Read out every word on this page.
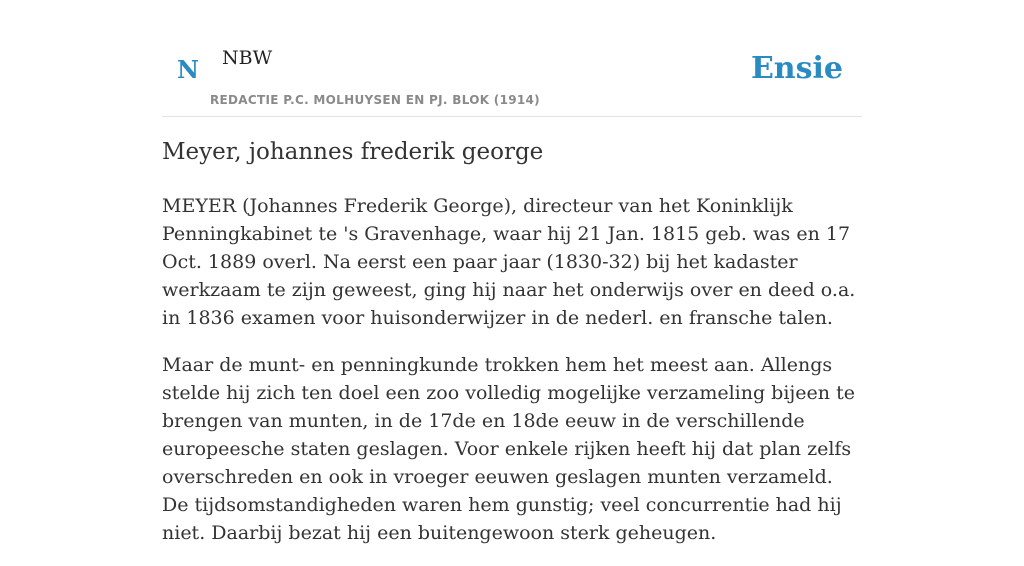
N NBW
REDACTIE P.C. MOLHUYSEN EN PJ. BLOK (1914)
Ensie
Meyer, johannes frederik george

MEYER (Johannes Frederik George), directeur van het Koninklijk Penningkabinet te 's Gravenhage, waar hij 21 Jan. 1815 geb. was en 17 Oct. 1889 overl. Na eerst een paar jaar (1830-32) bij het kadaster werkzaam te zijn geweest, ging hij naar het onderwijs over en deed o.a. in 1836 examen voor huisonderwijzer in de nederl. en fransche talen.

Maar de munt- en penningkunde trokken hem het meest aan. Allengs stelde hij zich ten doel een zoo volledig mogelijke verzameling bijeen te brengen van munten, in de 17de en 18de eeuw in de verschillende europeesche staten geslagen. Voor enkele rijken heeft hij dat plan zelfs overschreden en ook in vroeger eeuwen geslagen munten verzameld. De tijdsomstandigheden waren hem gunstig; veel concurrentie had hij niet. Daarbij bezat hij een buitengewoon sterk geheugen.
